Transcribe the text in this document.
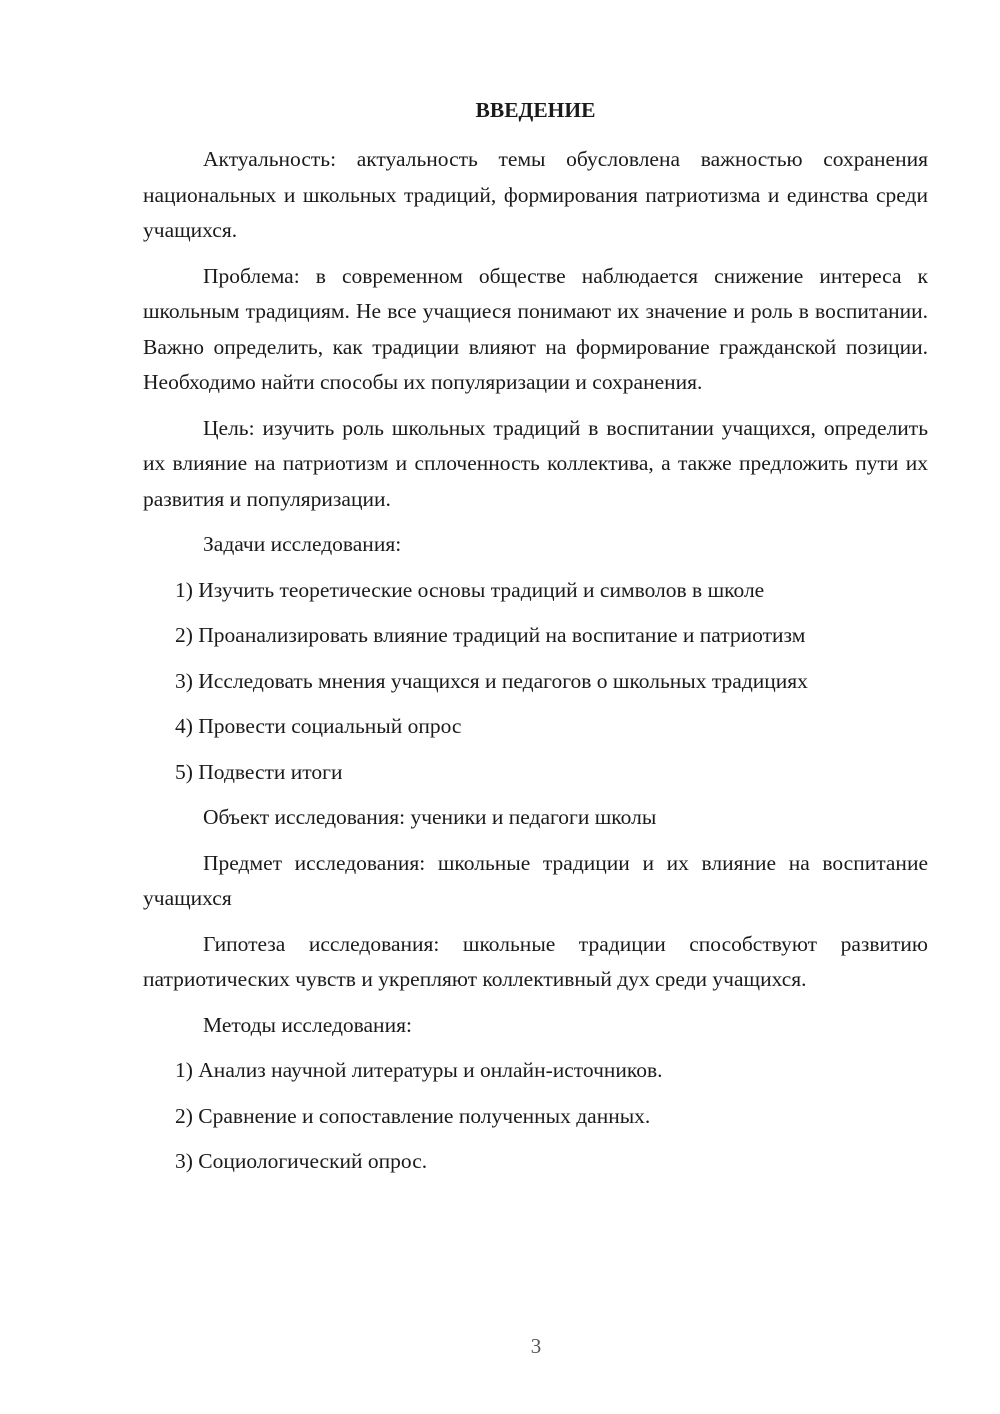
ВВЕДЕНИЕ

Актуальность: актуальность темы обусловлена важностью сохранения национальных и школьных традиций, формирования патриотизма и единства среди учащихся.

Проблема: в современном обществе наблюдается снижение интереса к школьным традициям. Не все учащиеся понимают их значение и роль в воспитании. Важно определить, как традиции влияют на формирование гражданской позиции. Необходимо найти способы их популяризации и сохранения.

Цель: изучить роль школьных традиций в воспитании учащихся, определить их влияние на патриотизм и сплоченность коллектива, а также предложить пути их развития и популяризации.

Задачи исследования:

1) Изучить теоретические основы традиций и символов в школе
2) Проанализировать влияние традиций на воспитание и патриотизм
3) Исследовать мнения учащихся и педагогов о школьных традициях
4) Провести социальный опрос
5) Подвести итоги

Объект исследования: ученики и педагоги школы

Предмет исследования: школьные традиции и их влияние на воспитание учащихся

Гипотеза исследования: школьные традиции способствуют развитию патриотических чувств и укрепляют коллективный дух среди учащихся.

Методы исследования:

1) Анализ научной литературы и онлайн-источников.
2) Сравнение и сопоставление полученных данных.
3) Социологический опрос.
3
